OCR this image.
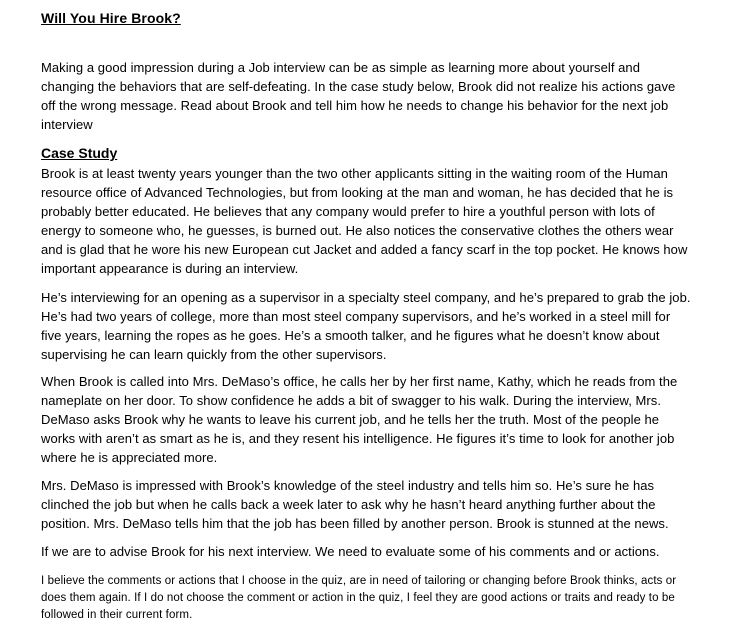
Will You Hire Brook?

Making a good impression during a Job interview can be as simple as learning more about yourself and changing the behaviors that are self-defeating. In the case study below, Brook did not realize his actions gave off the wrong message. Read about Brook and tell him how he needs to change his behavior for the next job interview

Case Study

Brook is at least twenty years younger than the two other applicants sitting in the waiting room of the Human resource office of Advanced Technologies, but from looking at the man and woman, he has decided that he is probably better educated. He believes that any company would prefer to hire a youthful person with lots of energy to someone who, he guesses, is burned out. He also notices the conservative clothes the others wear and is glad that he wore his new European cut Jacket and added a fancy scarf in the top pocket. He knows how important appearance is during an interview.

He’s interviewing for an opening as a supervisor in a specialty steel company, and he’s prepared to grab the job. He’s had two years of college, more than most steel company supervisors, and he’s worked in a steel mill for five years, learning the ropes as he goes. He’s a smooth talker, and he figures what he doesn’t know about supervising he can learn quickly from the other supervisors.

When Brook is called into Mrs. DeMaso’s office, he calls her by her first name, Kathy, which he reads from the nameplate on her door. To show confidence he adds a bit of swagger to his walk. During the interview, Mrs. DeMaso asks Brook why he wants to leave his current job, and he tells her the truth. Most of the people he works with aren’t as smart as he is, and they resent his intelligence. He figures it’s time to look for another job where he is appreciated more.

Mrs. DeMaso is impressed with Brook’s knowledge of the steel industry and tells him so. He’s sure he has clinched the job but when he calls back a week later to ask why he hasn’t heard anything further about the position. Mrs. DeMaso tells him that the job has been filled by another person. Brook is stunned at the news.

If we are to advise Brook for his next interview. We need to evaluate some of his comments and or actions.

I believe the comments or actions that I choose in the quiz, are in need of tailoring or changing before Brook thinks, acts or does them again. If I do not choose the comment or action in the quiz, I feel they are good actions or traits and ready to be followed in their current form.
